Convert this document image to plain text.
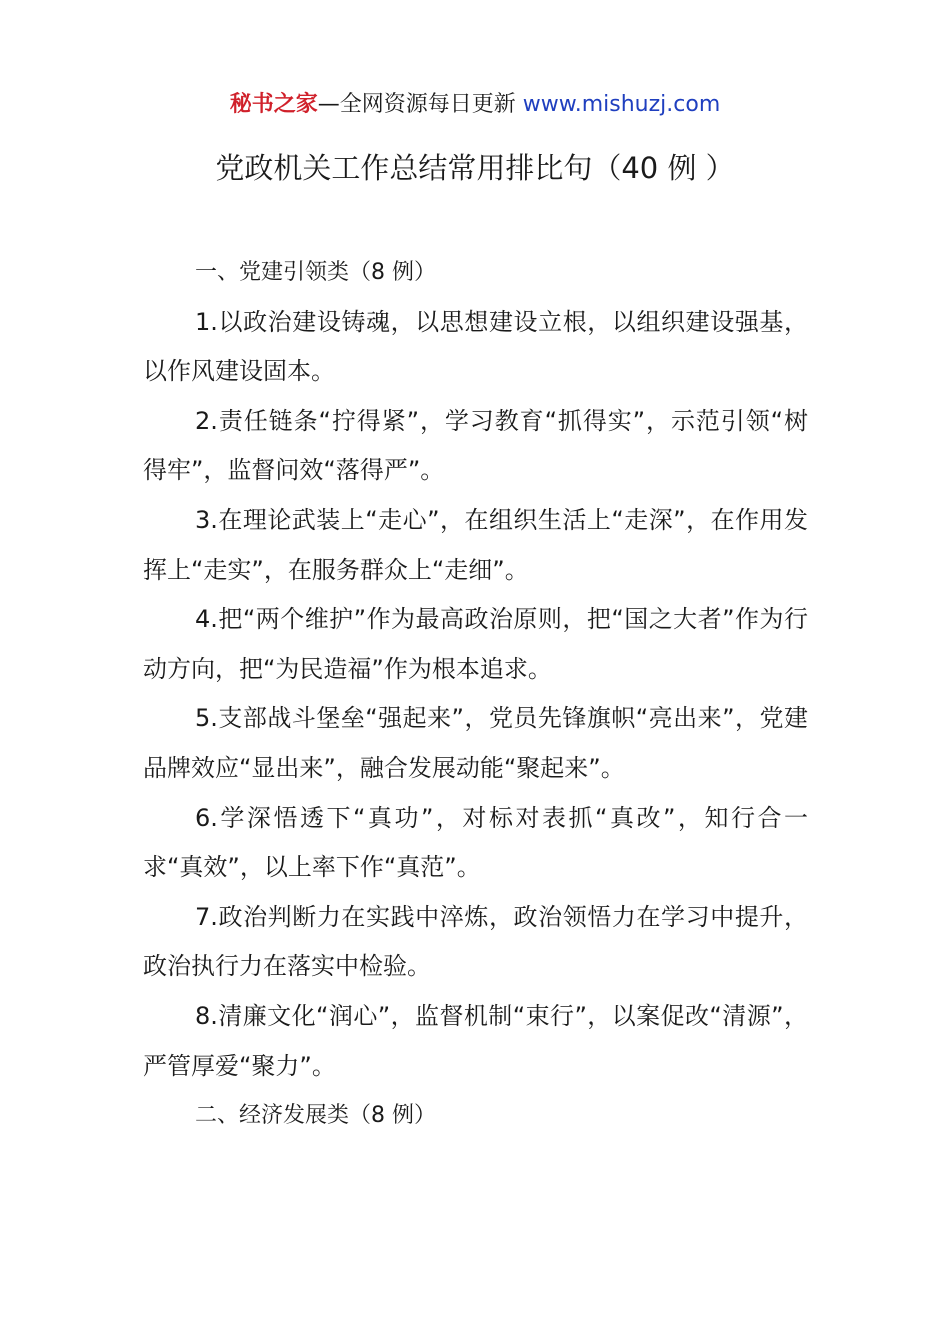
秘书之家—全网资源每日更新 www.mishuzj.com
党政机关工作总结常用排比句（40 例 ）

一、党建引领类（8 例）

1.以政治建设铸魂，以思想建设立根，以组织建设强基，以作风建设固本。

2.责任链条“拧得紧”，学习教育“抓得实”，示范引领“树得牢”，监督问效“落得严”。

3.在理论武装上“走心”，在组织生活上“走深”，在作用发挥上“走实”，在服务群众上“走细”。

4.把“两个维护”作为最高政治原则，把“国之大者”作为行动方向，把“为民造福”作为根本追求。

5.支部战斗堡垒“强起来”，党员先锋旗帜“亮出来”，党建品牌效应“显出来”，融合发展动能“聚起来”。

6.学深悟透下“真功”，对标对表抓“真改”，知行合一求“真效”，以上率下作“真范”。

7.政治判断力在实践中淬炼，政治领悟力在学习中提升，政治执行力在落实中检验。

8.清廉文化“润心”，监督机制“束行”，以案促改“清源”，严管厚爱“聚力”。

二、经济发展类（8 例）
